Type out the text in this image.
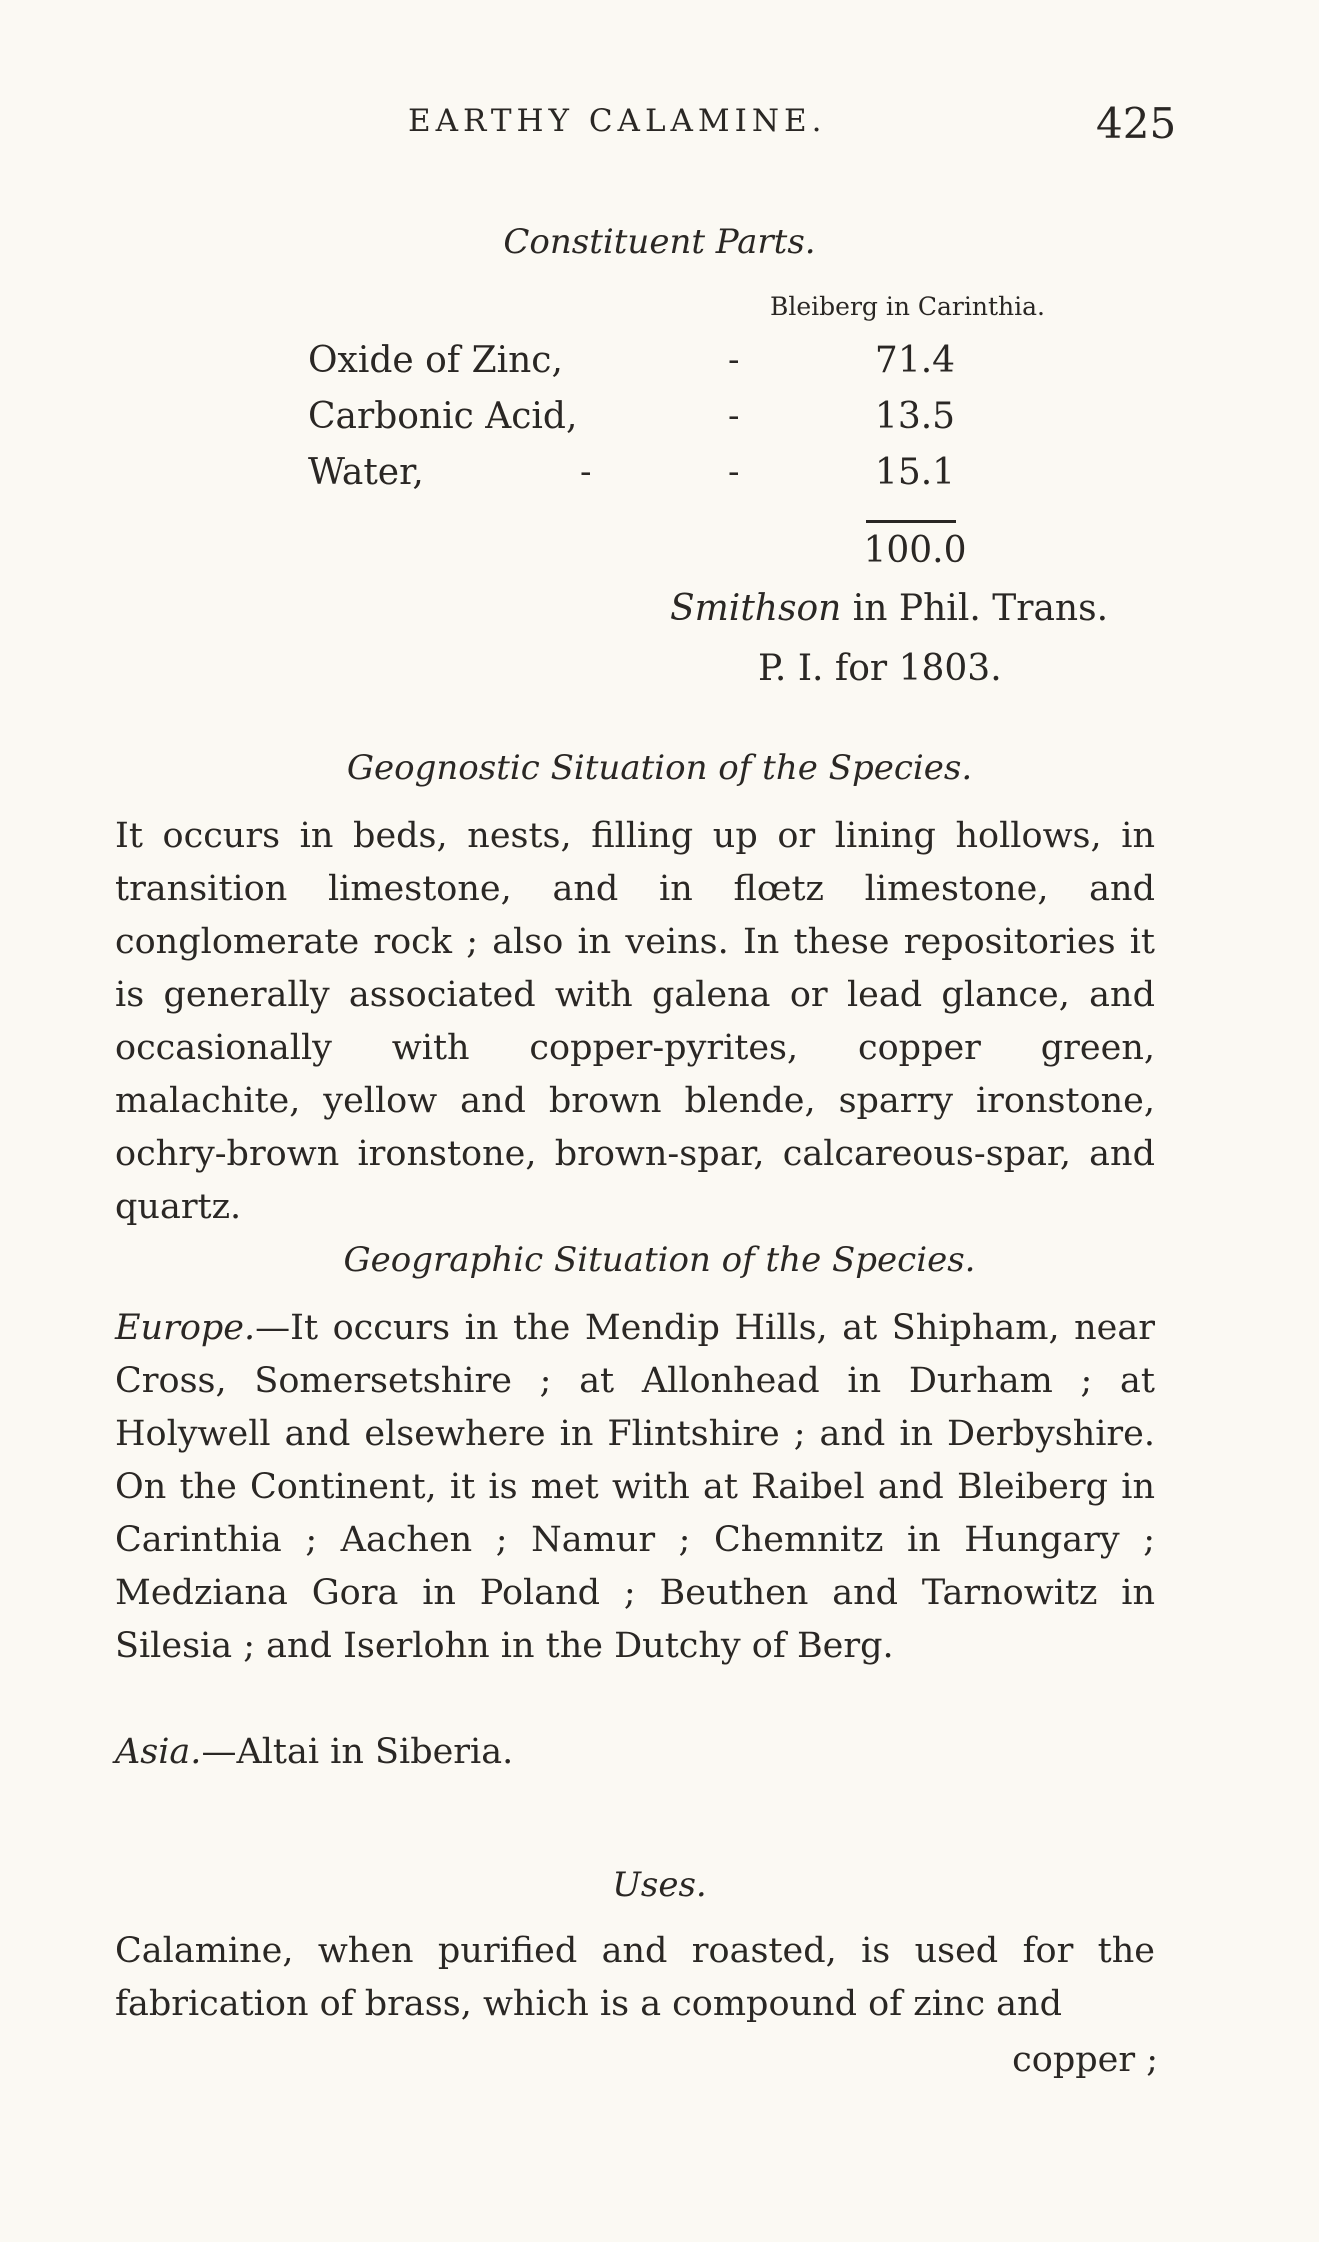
EARTHY CALAMINE.	425
Constituent Parts.
Bleiberg in Carinthia.
Oxide of Zinc,	-	71.4
Carbonic Acid,	-	13.5
Water,	-	-	15.1
100.0
Smithson in Phil. Trans.
P. I. for 1803.
Geognostic Situation of the Species.

It occurs in beds, nests, filling up or lining hollows, in transition limestone, and in flœtz limestone, and conglomerate rock ; also in veins. In these repositories it is generally associated with galena or lead glance, and occasionally with copper-pyrites, copper green, malachite, yellow and brown blende, sparry ironstone, ochry-brown ironstone, brown-spar, calcareous-spar, and quartz.

Geographic Situation of the Species.

Europe.—It occurs in the Mendip Hills, at Shipham, near Cross, Somersetshire ; at Allonhead in Durham ; at Holywell and elsewhere in Flintshire ; and in Derbyshire. On the Continent, it is met with at Raibel and Bleiberg in Carinthia ; Aachen ; Namur ; Chemnitz in Hungary ; Medziana Gora in Poland ; Beuthen and Tarnowitz in Silesia ; and Iserlohn in the Dutchy of Berg.

Asia.—Altai in Siberia.

Uses.

Calamine, when purified and roasted, is used for the fabrication of brass, which is a compound of zinc and

copper ;
